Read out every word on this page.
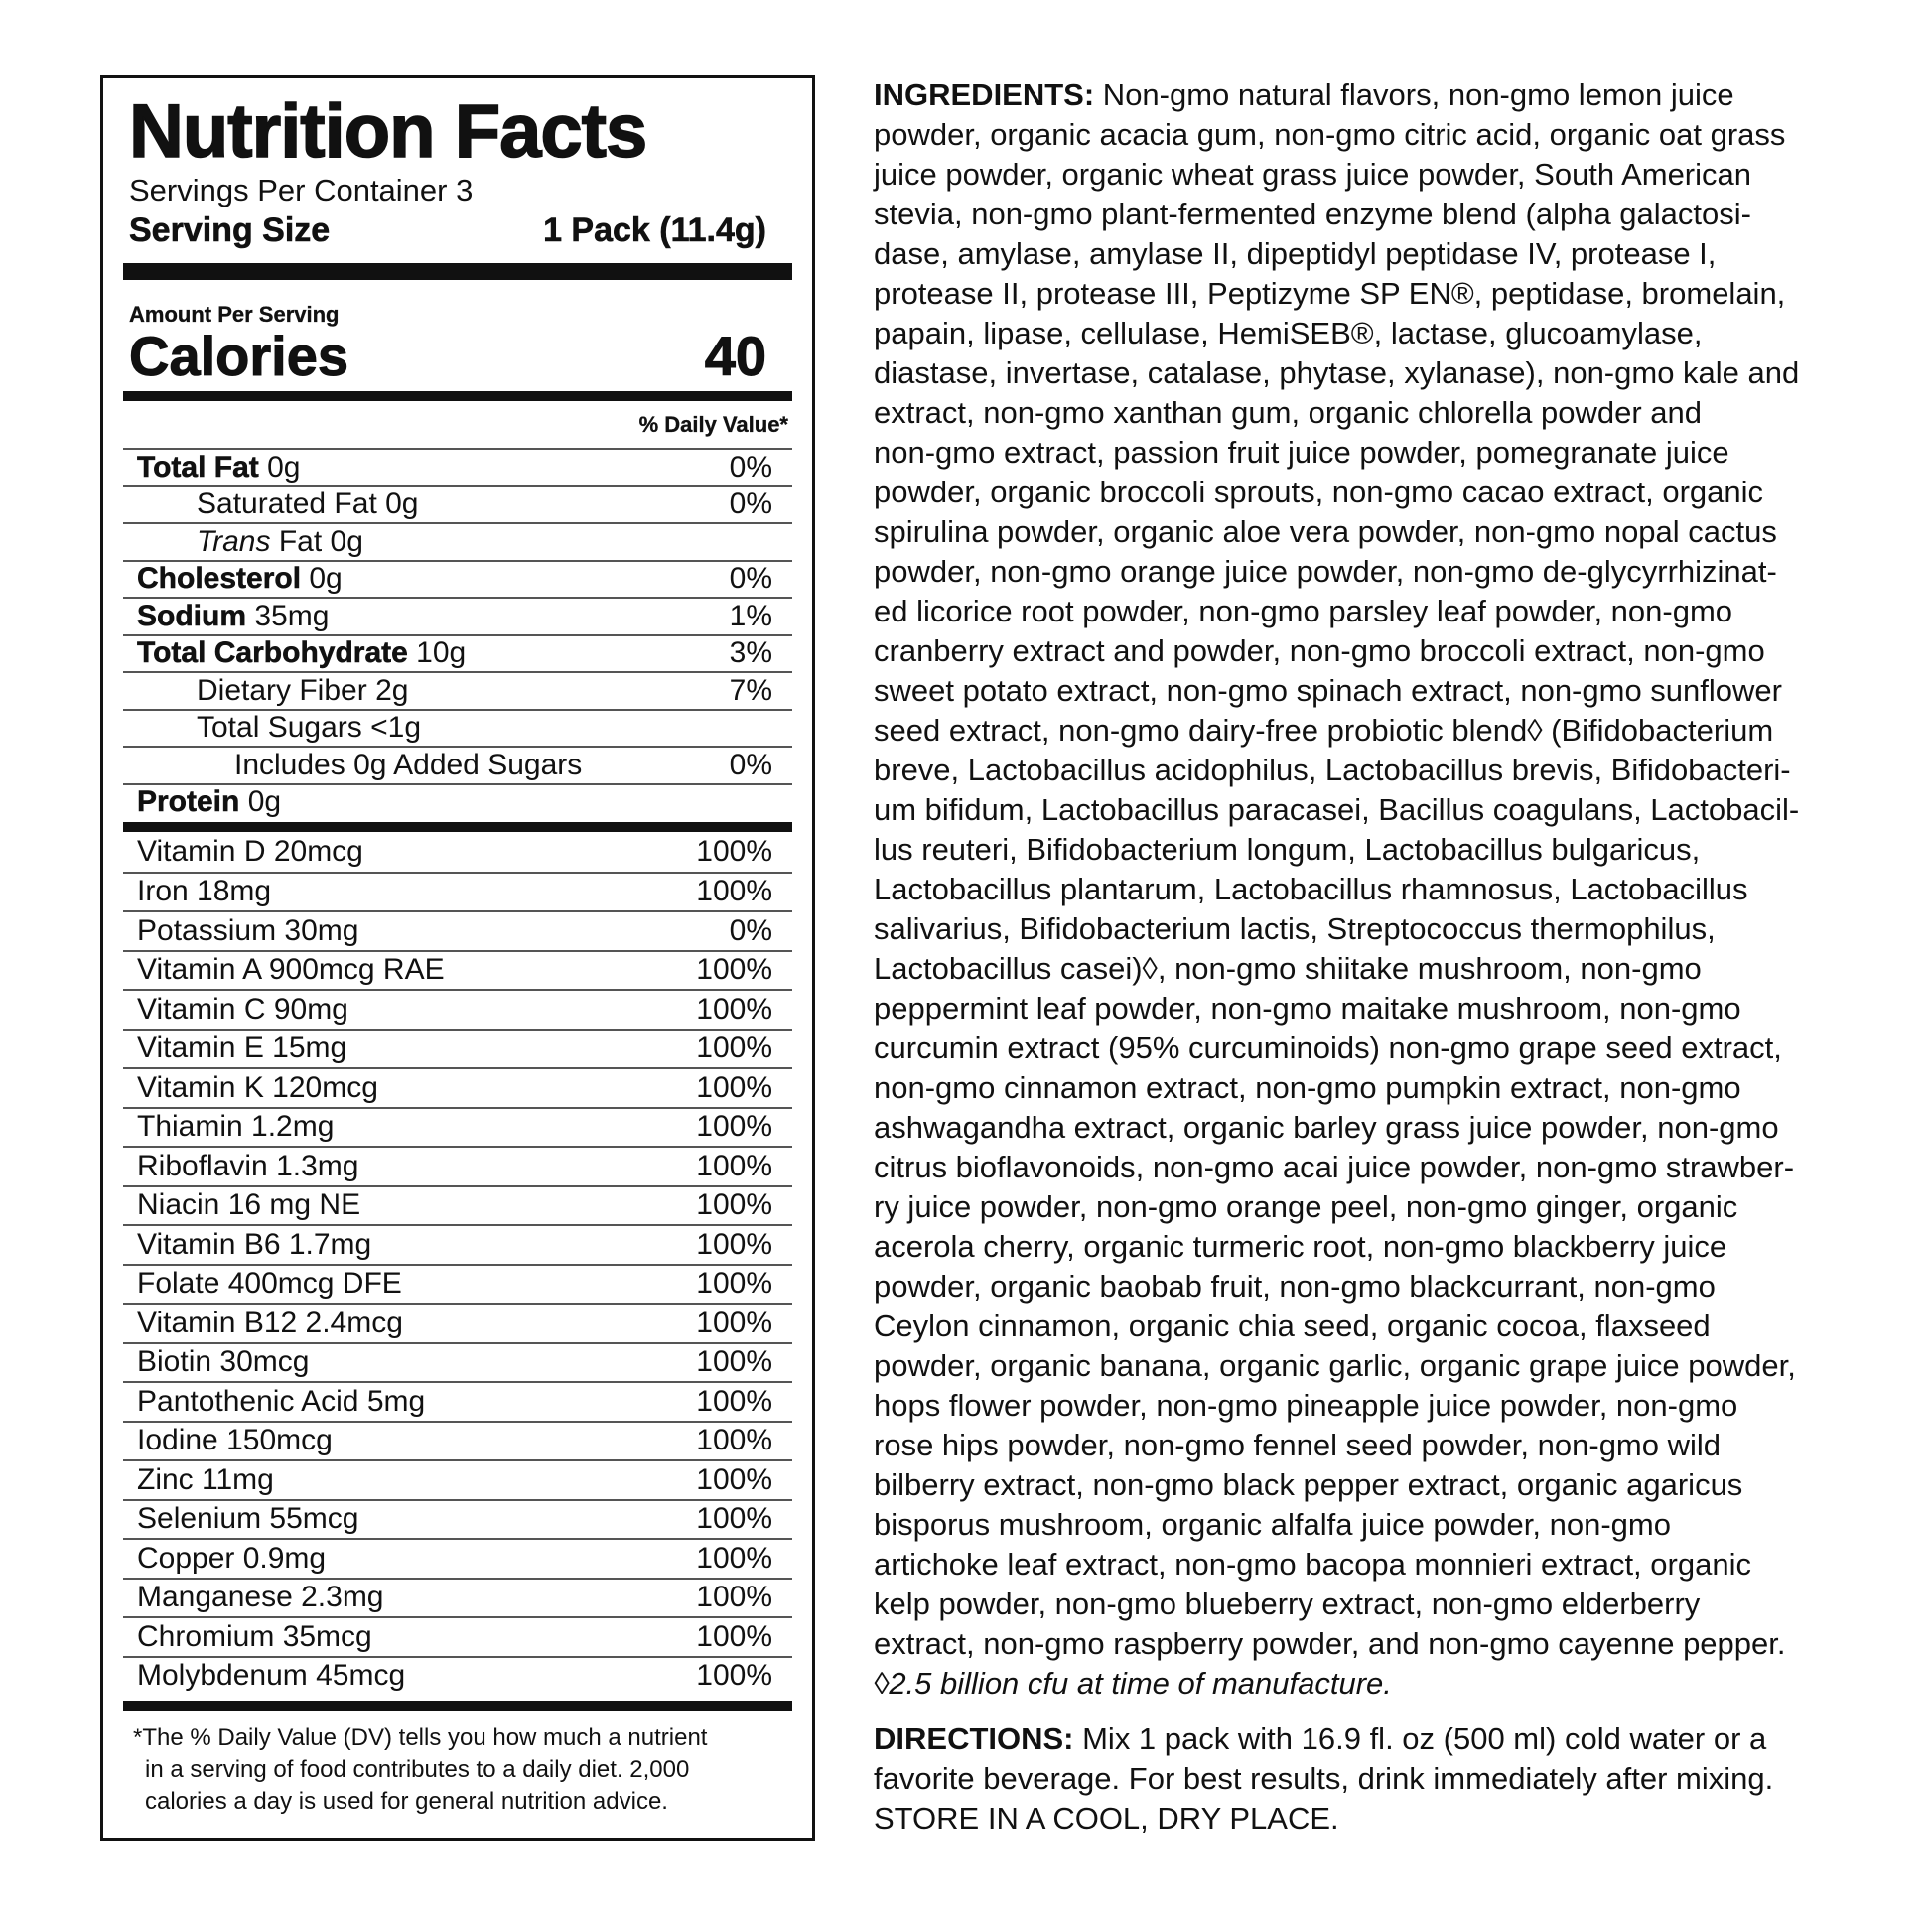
Nutrition Facts
Servings Per Container 3
Serving Size	1 Pack (11.4g)
Amount Per Serving
Calories	40
% Daily Value*
Total Fat 0g	0%
Saturated Fat 0g	0%
Trans Fat 0g
Cholesterol 0g	0%
Sodium 35mg	1%
Total Carbohydrate 10g	3%
Dietary Fiber 2g	7%
Total Sugars <1g
Includes 0g Added Sugars	0%
Protein 0g
Vitamin D 20mcg	100%
Iron 18mg	100%
Potassium 30mg	0%
Vitamin A 900mcg RAE	100%
Vitamin C 90mg	100%
Vitamin E 15mg	100%
Vitamin K 120mcg	100%
Thiamin 1.2mg	100%
Riboflavin 1.3mg	100%
Niacin 16 mg NE	100%
Vitamin B6 1.7mg	100%
Folate 400mcg DFE	100%
Vitamin B12 2.4mcg	100%
Biotin 30mcg	100%
Pantothenic Acid 5mg	100%
Iodine 150mcg	100%
Zinc 11mg	100%
Selenium 55mcg	100%
Copper 0.9mg	100%
Manganese 2.3mg	100%
Chromium 35mcg	100%
Molybdenum 45mcg	100%
*The % Daily Value (DV) tells you how much a nutrient
in a serving of food contributes to a daily diet. 2,000
calories a day is used for general nutrition advice.
INGREDIENTS: Non-gmo natural flavors, non-gmo lemon juice
powder, organic acacia gum, non-gmo citric acid, organic oat grass
juice powder, organic wheat grass juice powder, South American
stevia, non-gmo plant-fermented enzyme blend (alpha galactosi-
dase, amylase, amylase II, dipeptidyl peptidase IV, protease I,
protease II, protease III, Peptizyme SP EN®, peptidase, bromelain,
papain, lipase, cellulase, HemiSEB®, lactase, glucoamylase,
diastase, invertase, catalase, phytase, xylanase), non-gmo kale and
extract, non-gmo xanthan gum, organic chlorella powder and
non-gmo extract, passion fruit juice powder, pomegranate juice
powder, organic broccoli sprouts, non-gmo cacao extract, organic
spirulina powder, organic aloe vera powder, non-gmo nopal cactus
powder, non-gmo orange juice powder, non-gmo de-glycyrrhizinat-
ed licorice root powder, non-gmo parsley leaf powder, non-gmo
cranberry extract and powder, non-gmo broccoli extract, non-gmo
sweet potato extract, non-gmo spinach extract, non-gmo sunflower
seed extract, non-gmo dairy-free probiotic blend◊ (Bifidobacterium
breve, Lactobacillus acidophilus, Lactobacillus brevis, Bifidobacteri-
um bifidum, Lactobacillus paracasei, Bacillus coagulans, Lactobacil-
lus reuteri, Bifidobacterium longum, Lactobacillus bulgaricus,
Lactobacillus plantarum, Lactobacillus rhamnosus, Lactobacillus
salivarius, Bifidobacterium lactis, Streptococcus thermophilus,
Lactobacillus casei)◊, non-gmo shiitake mushroom, non-gmo
peppermint leaf powder, non-gmo maitake mushroom, non-gmo
curcumin extract (95% curcuminoids) non-gmo grape seed extract,
non-gmo cinnamon extract, non-gmo pumpkin extract, non-gmo
ashwagandha extract, organic barley grass juice powder, non-gmo
citrus bioflavonoids, non-gmo acai juice powder, non-gmo strawber-
ry juice powder, non-gmo orange peel, non-gmo ginger, organic
acerola cherry, organic turmeric root, non-gmo blackberry juice
powder, organic baobab fruit, non-gmo blackcurrant, non-gmo
Ceylon cinnamon, organic chia seed, organic cocoa, flaxseed
powder, organic banana, organic garlic, organic grape juice powder,
hops flower powder, non-gmo pineapple juice powder, non-gmo
rose hips powder, non-gmo fennel seed powder, non-gmo wild
bilberry extract, non-gmo black pepper extract, organic agaricus
bisporus mushroom, organic alfalfa juice powder, non-gmo
artichoke leaf extract, non-gmo bacopa monnieri extract, organic
kelp powder, non-gmo blueberry extract, non-gmo elderberry
extract, non-gmo raspberry powder, and non-gmo cayenne pepper.
◊2.5 billion cfu at time of manufacture.
DIRECTIONS: Mix 1 pack with 16.9 fl. oz (500 ml) cold water or a
favorite beverage. For best results, drink immediately after mixing.
STORE IN A COOL, DRY PLACE.
